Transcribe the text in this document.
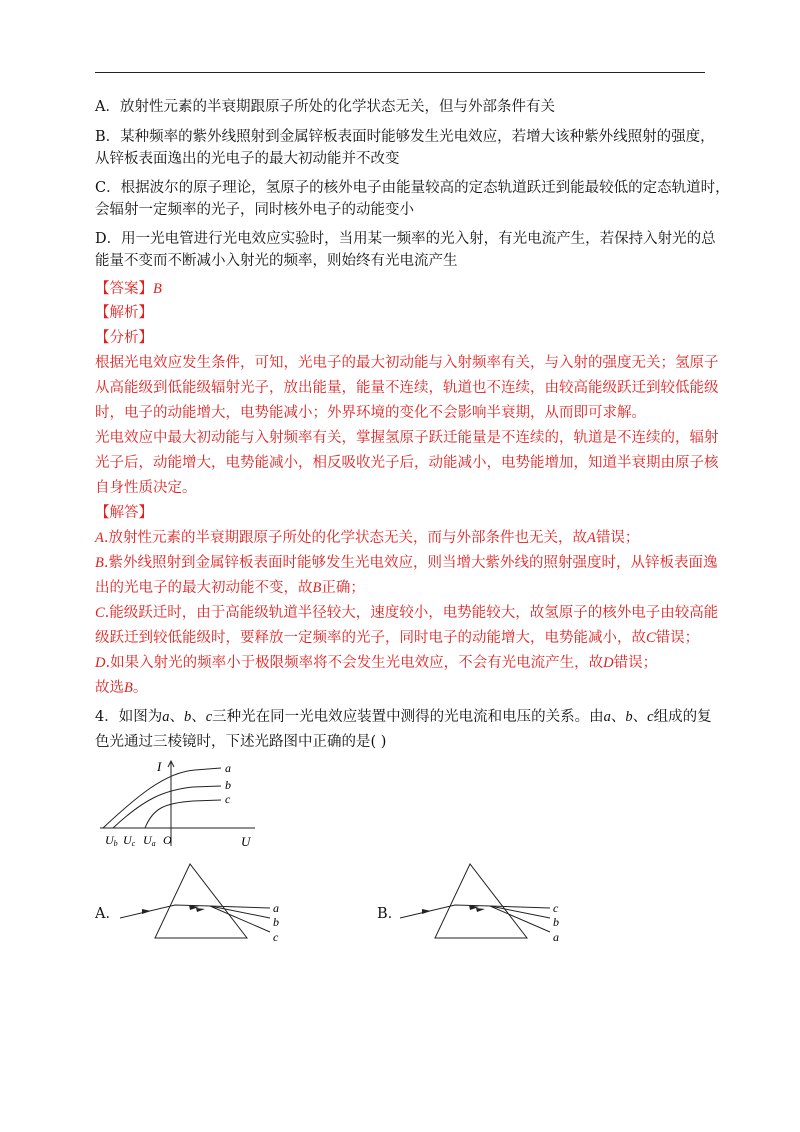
A．放射性元素的半衰期跟原子所处的化学状态无关，但与外部条件有关
B．某种频率的紫外线照射到金属锌板表面时能够发生光电效应，若增大该种紫外线照射的强度，
从锌板表面逸出的光电子的最大初动能并不改变
C．根据波尔的原子理论，氢原子的核外电子由能量较高的定态轨道跃迁到能最较低的定态轨道时，
会辐射一定频率的光子，同时核外电子的动能变小
D．用一光电管进行光电效应实验时，当用某一频率的光入射，有光电流产生，若保持入射光的总
能量不变而不断减小入射光的频率，则始终有光电流产生
【答案】B
【解析】
【分析】
根据光电效应发生条件，可知，光电子的最大初动能与入射频率有关，与入射的强度无关；氢原子
从高能级到低能级辐射光子，放出能量，能量不连续，轨道也不连续，由较高能级跃迁到较低能级
时，电子的动能增大，电势能减小；外界环境的变化不会影响半衰期，从而即可求解。
光电效应中最大初动能与入射频率有关，掌握氢原子跃迁能量是不连续的，轨道是不连续的，辐射
光子后，动能增大，电势能减小，相反吸收光子后，动能减小，电势能增加，知道半衰期由原子核
自身性质决定。
【解答】
A.放射性元素的半衰期跟原子所处的化学状态无关，而与外部条件也无关，故A错误；
B.紫外线照射到金属锌板表面时能够发生光电效应，则当增大紫外线的照射强度时，从锌板表面逸
出的光电子的最大初动能不变，故B正确；
C.能级跃迁时，由于高能级轨道半径较大，速度较小，电势能较大，故氢原子的核外电子由较高能
级跃迁到较低能级时，要释放一定频率的光子，同时电子的动能增大，电势能减小，故C错误；
D.如果入射光的频率小于极限频率将不会发生光电效应，不会有光电流产生，故D错误；
故选B。
4．如图为a、b、c三种光在同一光电效应装置中测得的光电流和电压的关系。由a、b、c组成的复
色光通过三棱镜时，下述光路图中正确的是( )
I
U
a
b
c
Ub Uc Ua O
A．	a
b
c
B．	c
b
a
